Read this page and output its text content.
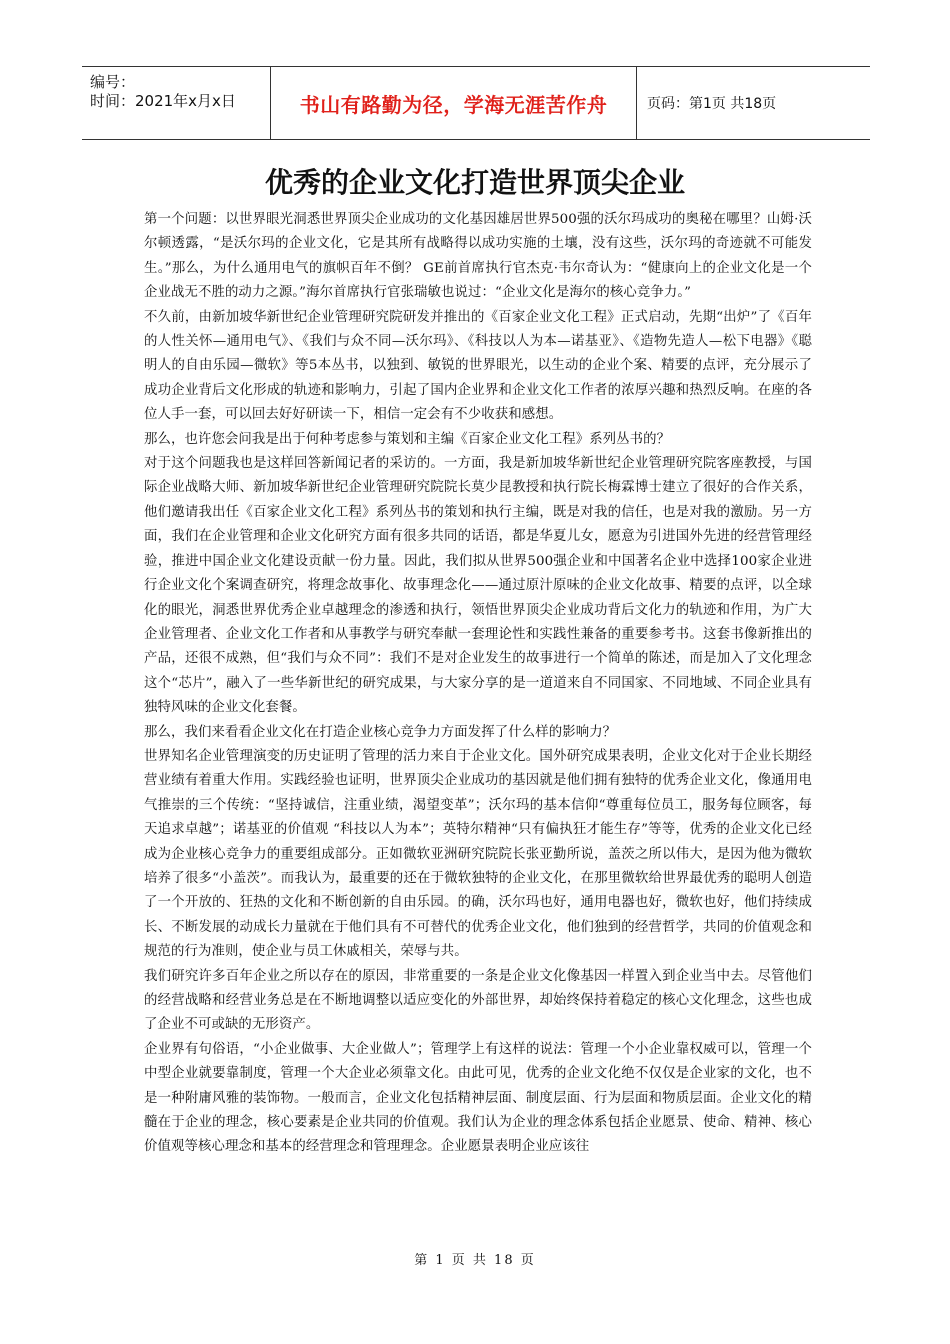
编号：
时间：2021年x月x日	书山有路勤为径，学海无涯苦作舟	页码：第1页 共18页
优秀的企业文化打造世界顶尖企业

第一个问题：以世界眼光洞悉世界顶尖企业成功的文化基因雄居世界500强的沃尔玛成功的奥秘在哪里？山姆·沃尔顿透露，“是沃尔玛的企业文化，它是其所有战略得以成功实施的土壤，没有这些，沃尔玛的奇迹就不可能发生。”那么，为什么通用电气的旗帜百年不倒？ GE前首席执行官杰克·韦尔奇认为：“健康向上的企业文化是一个企业战无不胜的动力之源。”海尔首席执行官张瑞敏也说过：“企业文化是海尔的核心竞争力。”

不久前，由新加坡华新世纪企业管理研究院研发并推出的《百家企业文化工程》正式启动，先期“出炉”了《百年的人性关怀—通用电气》、《我们与众不同—沃尔玛》、《科技以人为本—诺基亚》、《造物先造人—松下电器》《聪明人的自由乐园—微软》等5本丛书，以独到、敏锐的世界眼光，以生动的企业个案、精要的点评，充分展示了成功企业背后文化形成的轨迹和影响力，引起了国内企业界和企业文化工作者的浓厚兴趣和热烈反响。在座的各位人手一套，可以回去好好研读一下，相信一定会有不少收获和感想。

那么，也许您会问我是出于何种考虑参与策划和主编《百家企业文化工程》系列丛书的？

对于这个问题我也是这样回答新闻记者的采访的。一方面，我是新加坡华新世纪企业管理研究院客座教授，与国际企业战略大师、新加坡华新世纪企业管理研究院院长莫少昆教授和执行院长梅霖博士建立了很好的合作关系，他们邀请我出任《百家企业文化工程》系列丛书的策划和执行主编，既是对我的信任，也是对我的激励。另一方面，我们在企业管理和企业文化研究方面有很多共同的话语，都是华夏儿女，愿意为引进国外先进的经营管理经验，推进中国企业文化建设贡献一份力量。因此，我们拟从世界500强企业和中国著名企业中选择100家企业进行企业文化个案调查研究，将理念故事化、故事理念化——通过原汁原味的企业文化故事、精要的点评，以全球化的眼光，洞悉世界优秀企业卓越理念的渗透和执行，领悟世界顶尖企业成功背后文化力的轨迹和作用，为广大企业管理者、企业文化工作者和从事教学与研究奉献一套理论性和实践性兼备的重要参考书。这套书像新推出的产品，还很不成熟，但“我们与众不同”：我们不是对企业发生的故事进行一个简单的陈述，而是加入了文化理念这个“芯片”，融入了一些华新世纪的研究成果，与大家分享的是一道道来自不同国家、不同地域、不同企业具有独特风味的企业文化套餐。

那么，我们来看看企业文化在打造企业核心竞争力方面发挥了什么样的影响力？

世界知名企业管理演变的历史证明了管理的活力来自于企业文化。国外研究成果表明，企业文化对于企业长期经营业绩有着重大作用。实践经验也证明，世界顶尖企业成功的基因就是他们拥有独特的优秀企业文化，像通用电气推崇的三个传统：“坚持诚信，注重业绩，渴望变革”；沃尔玛的基本信仰“尊重每位员工，服务每位顾客，每天追求卓越”；诺基亚的价值观 “科技以人为本”；英特尔精神“只有偏执狂才能生存”等等，优秀的企业文化已经成为企业核心竞争力的重要组成部分。正如微软亚洲研究院院长张亚勤所说，盖茨之所以伟大，是因为他为微软培养了很多“小盖茨”。而我认为，最重要的还在于微软独特的企业文化，在那里微软给世界最优秀的聪明人创造了一个开放的、狂热的文化和不断创新的自由乐园。的确，沃尔玛也好，通用电器也好，微软也好，他们持续成长、不断发展的动成长力量就在于他们具有不可替代的优秀企业文化，他们独到的经营哲学，共同的价值观念和规范的行为准则，使企业与员工休戚相关，荣辱与共。

我们研究许多百年企业之所以存在的原因，非常重要的一条是企业文化像基因一样置入到企业当中去。尽管他们的经营战略和经营业务总是在不断地调整以适应变化的外部世界，却始终保持着稳定的核心文化理念，这些也成了企业不可或缺的无形资产。

企业界有句俗语，“小企业做事、大企业做人”；管理学上有这样的说法：管理一个小企业靠权威可以，管理一个中型企业就要靠制度，管理一个大企业必须靠文化。由此可见，优秀的企业文化绝不仅仅是企业家的文化，也不是一种附庸风雅的装饰物。一般而言，企业文化包括精神层面、制度层面、行为层面和物质层面。企业文化的精髓在于企业的理念，核心要素是企业共同的价值观。我们认为企业的理念体系包括企业愿景、使命、精神、核心价值观等核心理念和基本的经营理念和管理理念。企业愿景表明企业应该往

第 1 页 共 18 页
